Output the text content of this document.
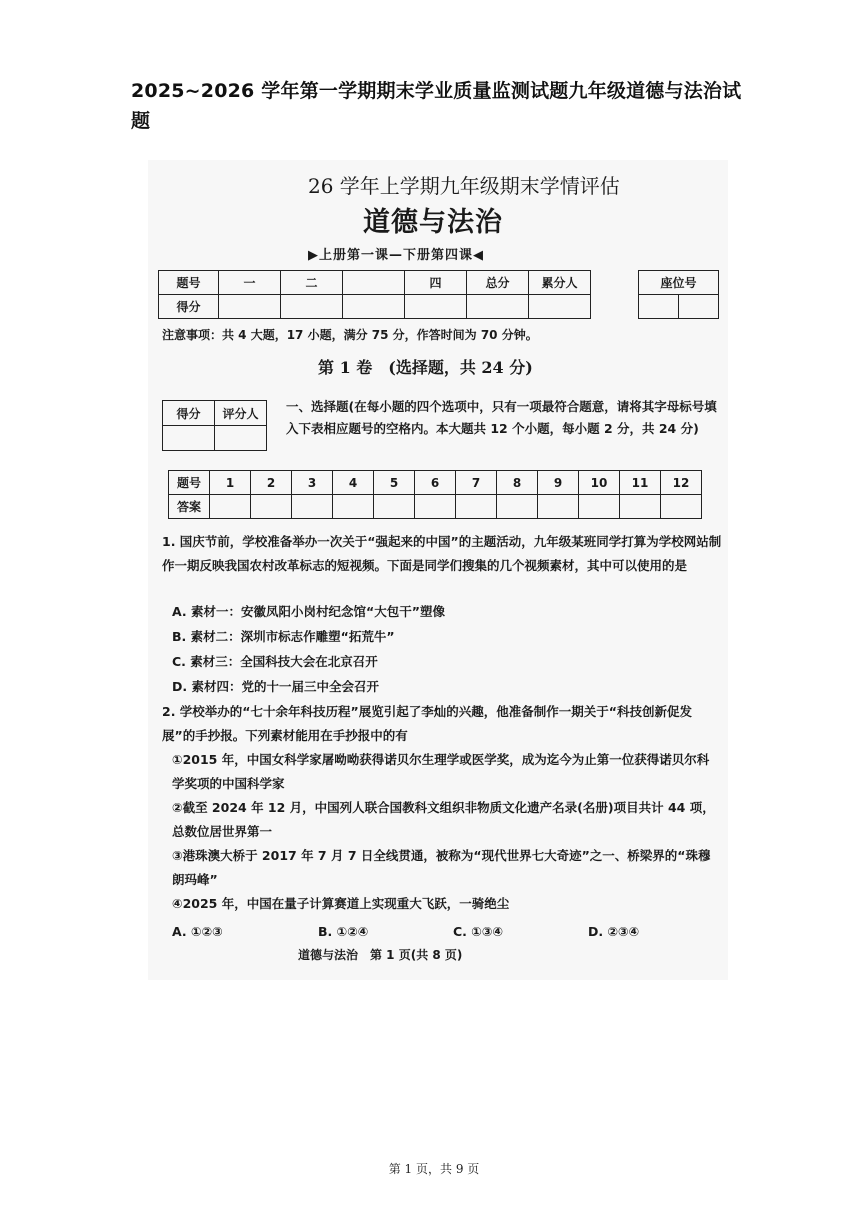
2025~2026 学年第一学期期末学业质量监测试题九年级道德与法治试题
26 学年上学期九年级期末学情评估
道德与法治
▶上册第一课—下册第四课◀
题号	一	二		四	总分	累分人
得分						
座位号

注意事项：共 4 大题，17 小题，满分 75 分，作答时间为 70 分钟。
第 1 卷　(选择题，共 24 分)
得分	评分人
	一、选择题(在每小题的四个选项中，只有一项最符合题意，请将其字母标号填入下表相应题号的空格内。本大题共 12 个小题，每小题 2 分，共 24 分)
题号	1	2	3	4	5	6	7	8	9	10	11	12
答案												
1. 国庆节前，学校准备举办一次关于“强起来的中国”的主题活动，九年级某班同学打算为学校网站制作一期反映我国农村改革标志的短视频。下面是同学们搜集的几个视频素材，其中可以使用的是
A. 素材一：安徽凤阳小岗村纪念馆“大包干”塑像
B. 素材二：深圳市标志作雕塑“拓荒牛”
C. 素材三：全国科技大会在北京召开
D. 素材四：党的十一届三中全会召开
2. 学校举办的“七十余年科技历程”展览引起了李灿的兴趣，他准备制作一期关于“科技创新促发展”的手抄报。下列素材能用在手抄报中的有
①2015 年，中国女科学家屠呦呦获得诺贝尔生理学或医学奖，成为迄今为止第一位获得诺贝尔科学奖项的中国科学家
②截至 2024 年 12 月，中国列人联合国教科文组织非物质文化遗产名录(名册)项目共计 44 项，总数位居世界第一
③港珠澳大桥于 2017 年 7 月 7 日全线贯通，被称为“现代世界七大奇迹”之一、桥梁界的“珠穆朗玛峰”
④2025 年，中国在量子计算赛道上实现重大飞跃，一骑绝尘
A. ①②③	B. ①②④	C. ①③④	D. ②③④
道德与法治　第 1 页(共 8 页)
第 1 页，共 9 页
